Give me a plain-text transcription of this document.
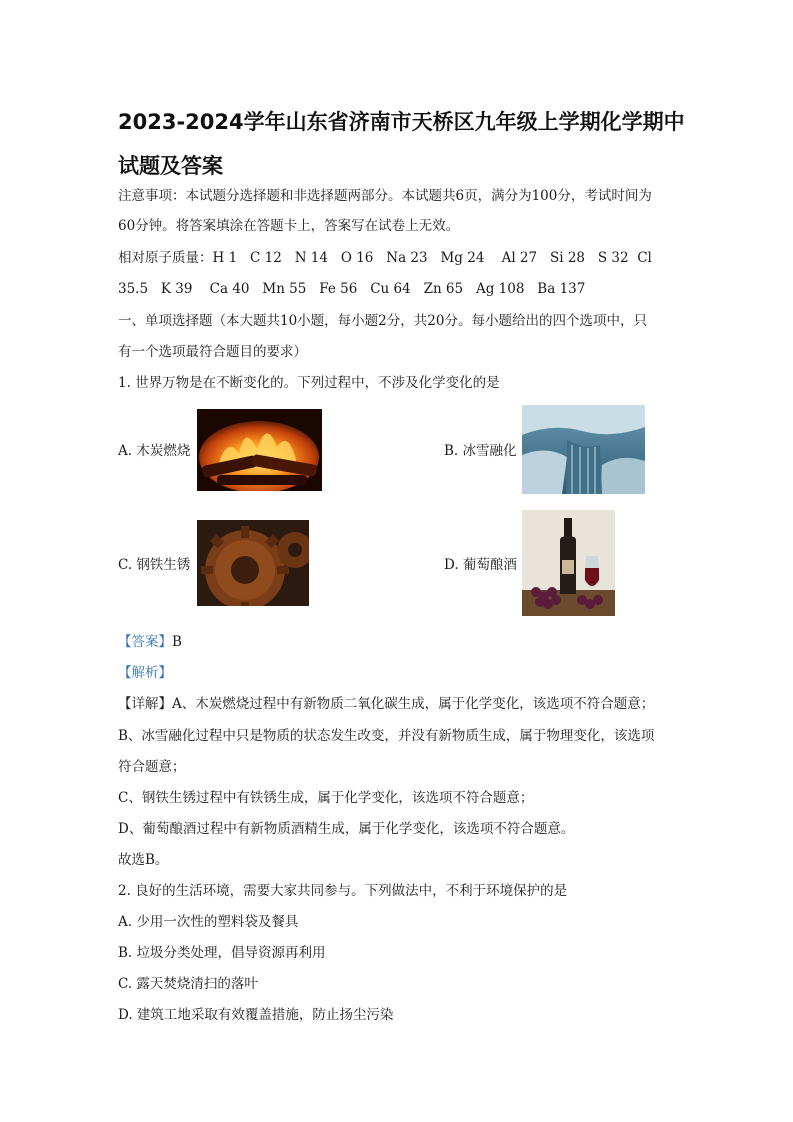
2023-2024学年山东省济南市天桥区九年级上学期化学期中试题及答案
注意事项：本试题分选择题和非选择题两部分。本试题共6页，满分为100分，考试时间为
60分钟。将答案填涂在答题卡上，答案写在试卷上无效。
相对原子质量：H 1   C 12   N 14   O 16   Na 23   Mg 24    Al 27   Si 28   S 32  Cl
35.5   K 39    Ca 40   Mn 55   Fe 56   Cu 64   Zn 65   Ag 108   Ba 137
一、单项选择题（本大题共10小题，每小题2分，共20分。每小题给出的四个选项中，只
有一个选项最符合题目的要求）
1. 世界万物是在不断变化的。下列过程中，不涉及化学变化的是
A. 木炭燃烧	B. 冰雪融化
C. 钢铁生锈	D. 葡萄酿酒
【答案】B
【解析】
【详解】A、木炭燃烧过程中有新物质二氧化碳生成，属于化学变化，该选项不符合题意；
B、冰雪融化过程中只是物质的状态发生改变，并没有新物质生成，属于物理变化，该选项
符合题意；
C、钢铁生锈过程中有铁锈生成，属于化学变化，该选项不符合题意；
D、葡萄酿酒过程中有新物质酒精生成，属于化学变化，该选项不符合题意。
故选B。
2. 良好的生活环境，需要大家共同参与。下列做法中，不利于环境保护的是
A. 少用一次性的塑料袋及餐具
B. 垃圾分类处理，倡导资源再利用
C. 露天焚烧清扫的落叶
D. 建筑工地采取有效覆盖措施，防止扬尘污染
